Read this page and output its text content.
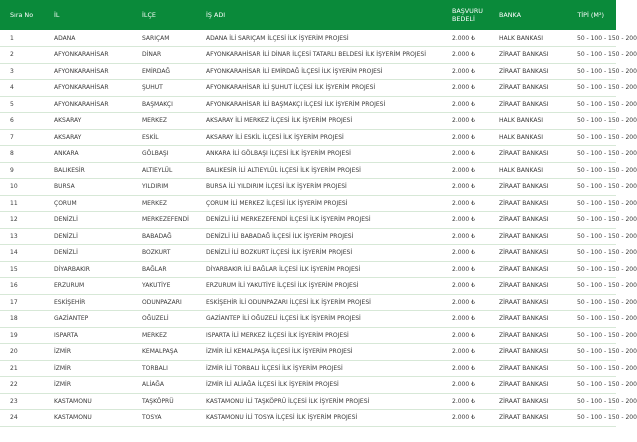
Sıra No	İL	İLÇE	İŞ ADI	BAŞVURU BEDELİ	BANKA	TİPİ (M²)
1	ADANA	SARIÇAM	ADANA İLİ SARIÇAM İLÇESİ İLK İŞYERİM PROJESİ	2.000 ₺	HALK BANKASI	50 - 100 - 150 - 200
2	AFYONKARAHİSAR	DİNAR	AFYONKARAHİSAR İLİ DİNAR İLÇESİ TATARLI BELDESİ İLK İŞYERİM PROJESİ	2.000 ₺	ZİRAAT BANKASI	50 - 100 - 150 - 200
3	AFYONKARAHİSAR	EMİRDAĞ	AFYONKARAHİSAR İLİ EMİRDAĞ İLÇESİ İLK İŞYERİM PROJESİ	2.000 ₺	ZİRAAT BANKASI	50 - 100 - 150 - 200
4	AFYONKARAHİSAR	ŞUHUT	AFYONKARAHİSAR İLİ ŞUHUT İLÇESİ İLK İŞYERİM PROJESİ	2.000 ₺	ZİRAAT BANKASI	50 - 100 - 150 - 200
5	AFYONKARAHİSAR	BAŞMAKÇI	AFYONKARAHİSAR İLİ BAŞMAKÇI İLÇESİ İLK İŞYERİM PROJESİ	2.000 ₺	ZİRAAT BANKASI	50 - 100 - 150 - 200
6	AKSARAY	MERKEZ	AKSARAY İLİ MERKEZ İLÇESİ İLK İŞYERİM PROJESİ	2.000 ₺	HALK BANKASI	50 - 100 - 150 - 200
7	AKSARAY	ESKİL	AKSARAY İLİ ESKİL İLÇESİ İLK İŞYERİM PROJESİ	2.000 ₺	HALK BANKASI	50 - 100 - 150 - 200
8	ANKARA	GÖLBAŞI	ANKARA İLİ GÖLBAŞI İLÇESİ İLK İŞYERİM PROJESİ	2.000 ₺	ZİRAAT BANKASI	50 - 100 - 150 - 200
9	BALIKESİR	ALTIEYLÜL	BALIKESİR İLİ ALTIEYLÜL İLÇESİ İLK İŞYERİM PROJESİ	2.000 ₺	HALK BANKASI	50 - 100 - 150 - 200
10	BURSA	YILDIRIM	BURSA İLİ YILDIRIM İLÇESİ İLK İŞYERİM PROJESİ	2.000 ₺	ZİRAAT BANKASI	50 - 100 - 150 - 200
11	ÇORUM	MERKEZ	ÇORUM İLİ MERKEZ İLÇESİ İLK İŞYERİM PROJESİ	2.000 ₺	ZİRAAT BANKASI	50 - 100 - 150 - 200
12	DENİZLİ	MERKEZEFENDİ	DENİZLİ İLİ MERKEZEFENDİ İLÇESİ İLK İŞYERİM PROJESİ	2.000 ₺	ZİRAAT BANKASI	50 - 100 - 150 - 200
13	DENİZLİ	BABADAĞ	DENİZLİ İLİ BABADAĞ İLÇESİ İLK İŞYERİM PROJESİ	2.000 ₺	ZİRAAT BANKASI	50 - 100 - 150 - 200
14	DENİZLİ	BOZKURT	DENİZLİ İLİ BOZKURT İLÇESİ İLK İŞYERİM PROJESİ	2.000 ₺	ZİRAAT BANKASI	50 - 100 - 150 - 200
15	DİYARBAKIR	BAĞLAR	DİYARBAKIR İLİ BAĞLAR İLÇESİ İLK İŞYERİM PROJESİ	2.000 ₺	ZİRAAT BANKASI	50 - 100 - 150 - 200
16	ERZURUM	YAKUTİYE	ERZURUM İLİ YAKUTİYE İLÇESİ İLK İŞYERİM PROJESİ	2.000 ₺	ZİRAAT BANKASI	50 - 100 - 150 - 200
17	ESKİŞEHİR	ODUNPAZARI	ESKİŞEHİR İLİ ODUNPAZARI İLÇESİ İLK İŞYERİM PROJESİ	2.000 ₺	ZİRAAT BANKASI	50 - 100 - 150 - 200
18	GAZİANTEP	OĞUZELİ	GAZİANTEP İLİ OĞUZELİ İLÇESİ İLK İŞYERİM PROJESİ	2.000 ₺	ZİRAAT BANKASI	50 - 100 - 150 - 200
19	ISPARTA	MERKEZ	ISPARTA İLİ MERKEZ İLÇESİ İLK İŞYERİM PROJESİ	2.000 ₺	ZİRAAT BANKASI	50 - 100 - 150 - 200
20	İZMİR	KEMALPAŞA	İZMİR İLİ KEMALPAŞA İLÇESİ İLK İŞYERİM PROJESİ	2.000 ₺	ZİRAAT BANKASI	50 - 100 - 150 - 200
21	İZMİR	TORBALI	İZMİR İLİ TORBALI İLÇESİ İLK İŞYERİM PROJESİ	2.000 ₺	ZİRAAT BANKASI	50 - 100 - 150 - 200
22	İZMİR	ALİAĞA	İZMİR İLİ ALİAĞA İLÇESİ İLK İŞYERİM PROJESİ	2.000 ₺	ZİRAAT BANKASI	50 - 100 - 150 - 200
23	KASTAMONU	TAŞKÖPRÜ	KASTAMONU İLİ TAŞKÖPRÜ İLÇESİ İLK İŞYERİM PROJESİ	2.000 ₺	ZİRAAT BANKASI	50 - 100 - 150 - 200
24	KASTAMONU	TOSYA	KASTAMONU İLİ TOSYA İLÇESİ İLK İŞYERİM PROJESİ	2.000 ₺	ZİRAAT BANKASI	50 - 100 - 150 - 200
